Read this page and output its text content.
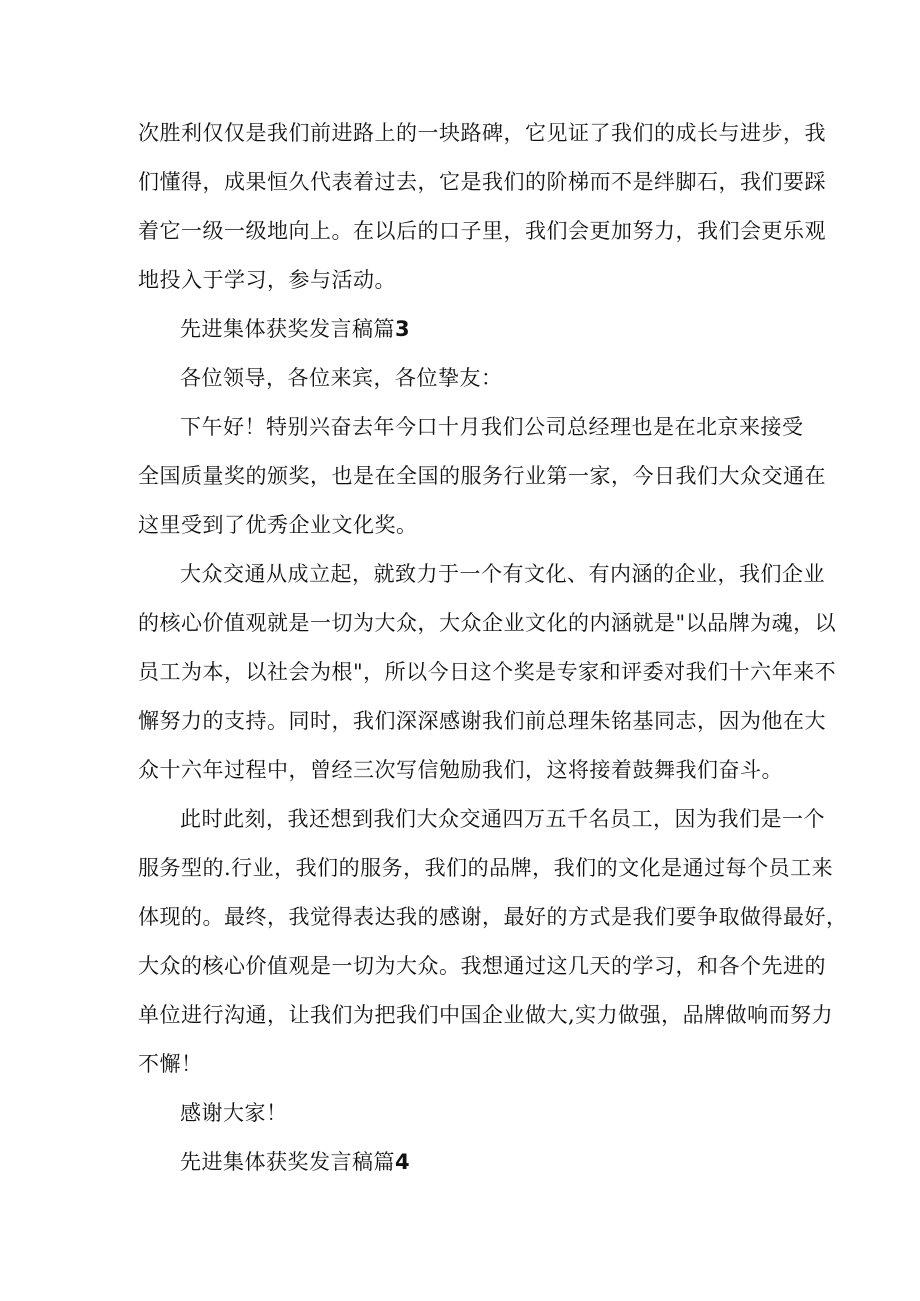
次胜利仅仅是我们前进路上的一块路碑，它见证了我们的成长与进步，我
们懂得，成果恒久代表着过去，它是我们的阶梯而不是绊脚石，我们要踩
着它一级一级地向上。在以后的口子里，我们会更加努力，我们会更乐观
地投入于学习，参与活动。
先进集体获奖发言稿篇3
各位领导，各位来宾，各位挚友：
下午好！特别兴奋去年今口十月我们公司总经理也是在北京来接受
全国质量奖的颁奖，也是在全国的服务行业第一家，今日我们大众交通在
这里受到了优秀企业文化奖。
大众交通从成立起，就致力于一个有文化、有内涵的企业，我们企业
的核心价值观就是一切为大众，大众企业文化的内涵就是"以品牌为魂，以
员工为本，以社会为根"，所以今日这个奖是专家和评委对我们十六年来不
懈努力的支持。同时，我们深深感谢我们前总理朱铭基同志，因为他在大
众十六年过程中，曾经三次写信勉励我们，这将接着鼓舞我们奋斗。
此时此刻，我还想到我们大众交通四万五千名员工，因为我们是一个
服务型的.行业，我们的服务，我们的品牌，我们的文化是通过每个员工来
体现的。最终，我觉得表达我的感谢，最好的方式是我们要争取做得最好，
大众的核心价值观是一切为大众。我想通过这几天的学习，和各个先进的
单位进行沟通，让我们为把我们中国企业做大,实力做强，品牌做响而努力
不懈！
感谢大家！
先进集体获奖发言稿篇4
